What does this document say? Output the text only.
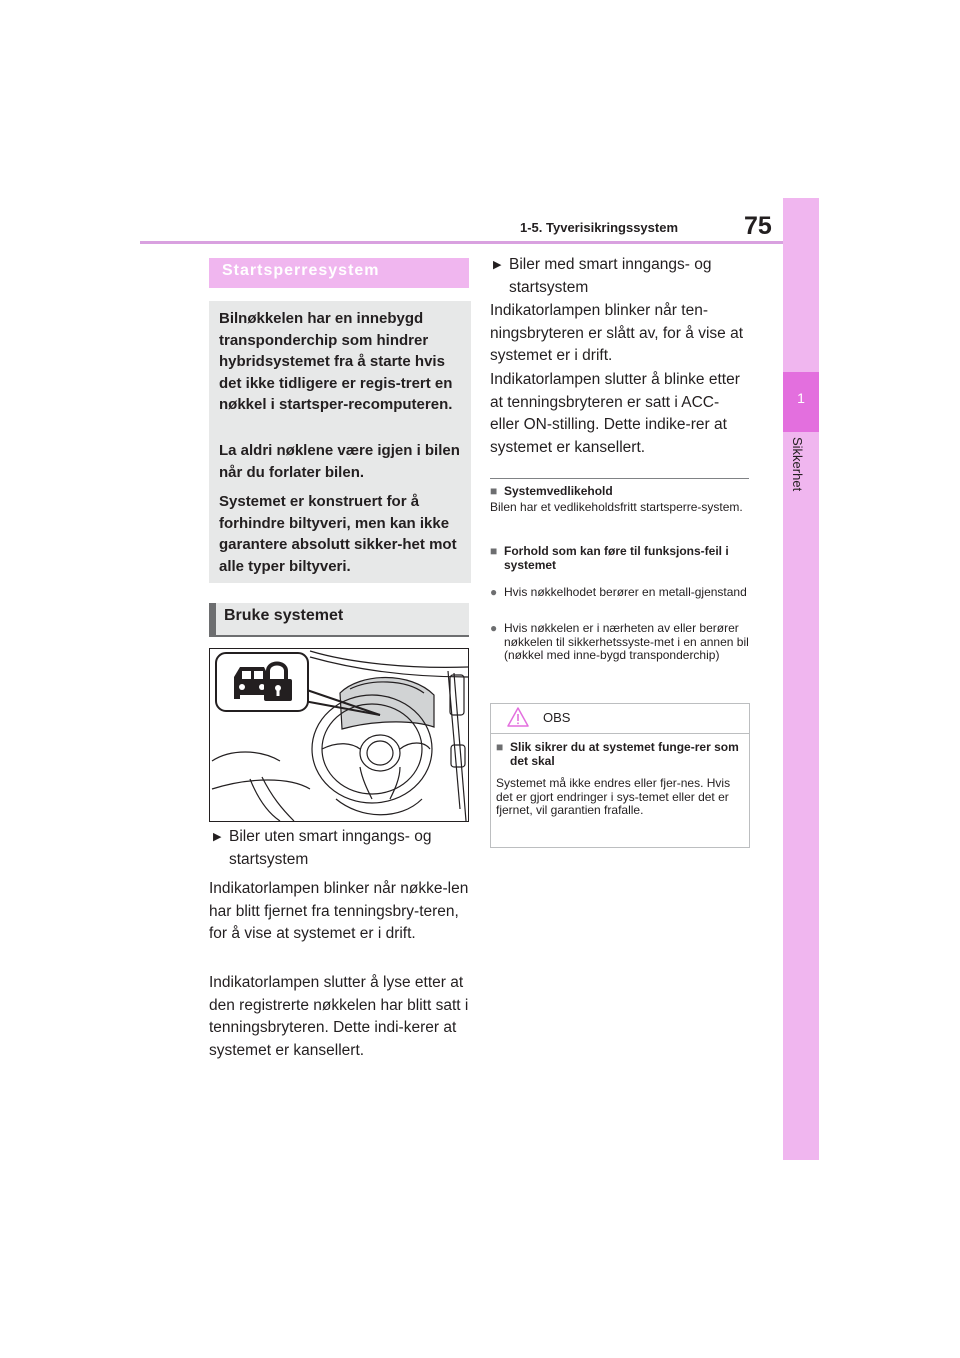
1-5. Tyverisikringssystem	75
1
Sikkerhet
Startsperresystem
Bilnøkkelen har en innebygd transponderchip som hindrer hybridsystemet fra å starte hvis det ikke tidligere er regis-trert en nøkkel i startsper-recomputeren.
La aldri nøklene være igjen i bilen når du forlater bilen.
Systemet er konstruert for å forhindre biltyveri, men kan ikke garantere absolutt sikker-het mot alle typer biltyveri.
Bruke systemet
▶ Biler uten smart inngangs- og startsystem
Indikatorlampen blinker når nøkke-len har blitt fjernet fra tenningsbry-teren, for å vise at systemet er i drift.
Indikatorlampen slutter å lyse etter at den registrerte nøkkelen har blitt satt i tenningsbryteren. Dette indi-kerer at systemet er kansellert.
▶ Biler med smart inngangs- og startsystem
Indikatorlampen blinker når ten-ningsbryteren er slått av, for å vise at systemet er i drift.
Indikatorlampen slutter å blinke etter at tenningsbryteren er satt i ACC- eller ON-stilling. Dette indike-rer at systemet er kansellert.
■ Systemvedlikehold
Bilen har et vedlikeholdsfritt startsperre-system.
■ Forhold som kan føre til funksjons-feil i systemet
● Hvis nøkkelhodet berører en metall-gjenstand
● Hvis nøkkelen er i nærheten av eller berører nøkkelen til sikkerhetssyste-met i en annen bil (nøkkel med inne-bygd transponderchip)
OBS
■ Slik sikrer du at systemet funge-rer som det skal
Systemet må ikke endres eller fjer-nes. Hvis det er gjort endringer i sys-temet eller det er fjernet, vil garantien frafalle.
